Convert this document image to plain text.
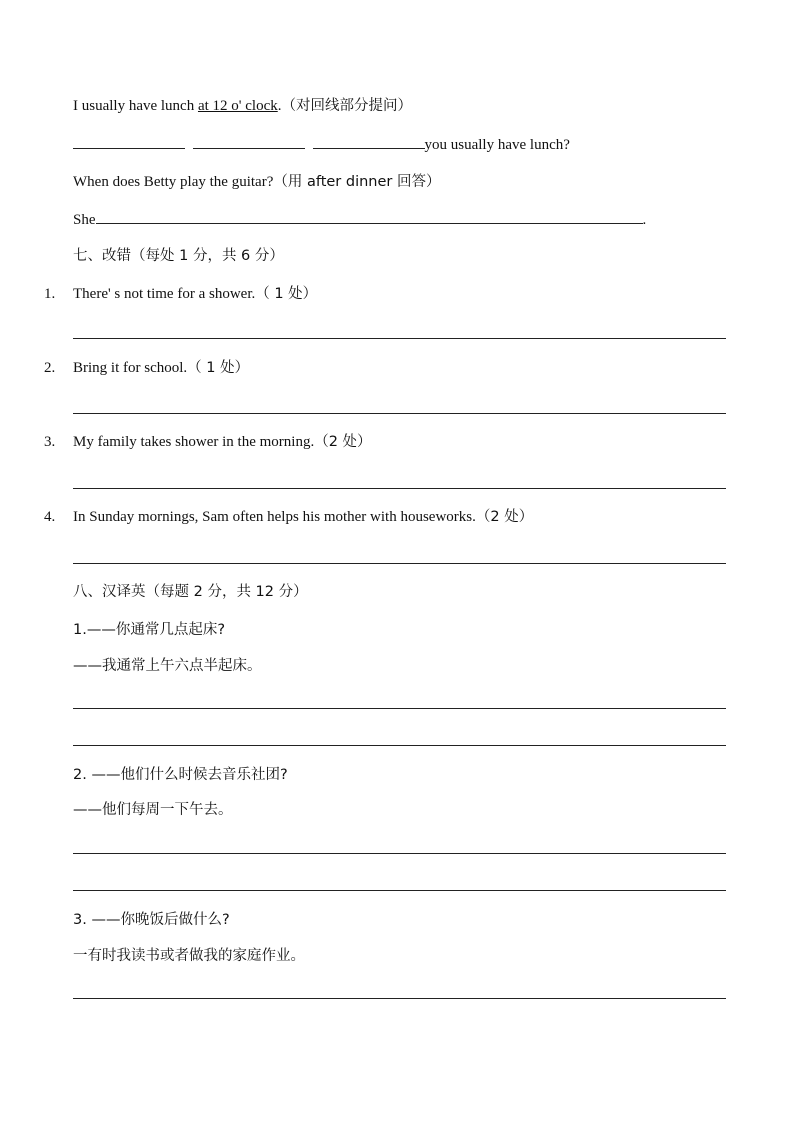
I usually have lunch at 12 o' clock.（对回线部分提问）
you usually have lunch?
When does Betty play the guitar?（用 after dinner 回答）
She	.
七、改错（每处 1 分，共 6 分）
1. There' s not time for a shower.（ 1 处）
2. Bring it for school.（ 1 处）
3. My family takes shower in the morning.（2 处）
4. In Sunday mornings, Sam often helps his mother with houseworks.（2 处）
八、汉译英（每题 2 分，共 12 分）
1.——你通常几点起床?
——我通常上午六点半起床。
2. ——他们什么时候去音乐社团?
——他们每周一下午去。
3. ——你晚饭后做什么?
一有时我读书或者做我的家庭作业。
